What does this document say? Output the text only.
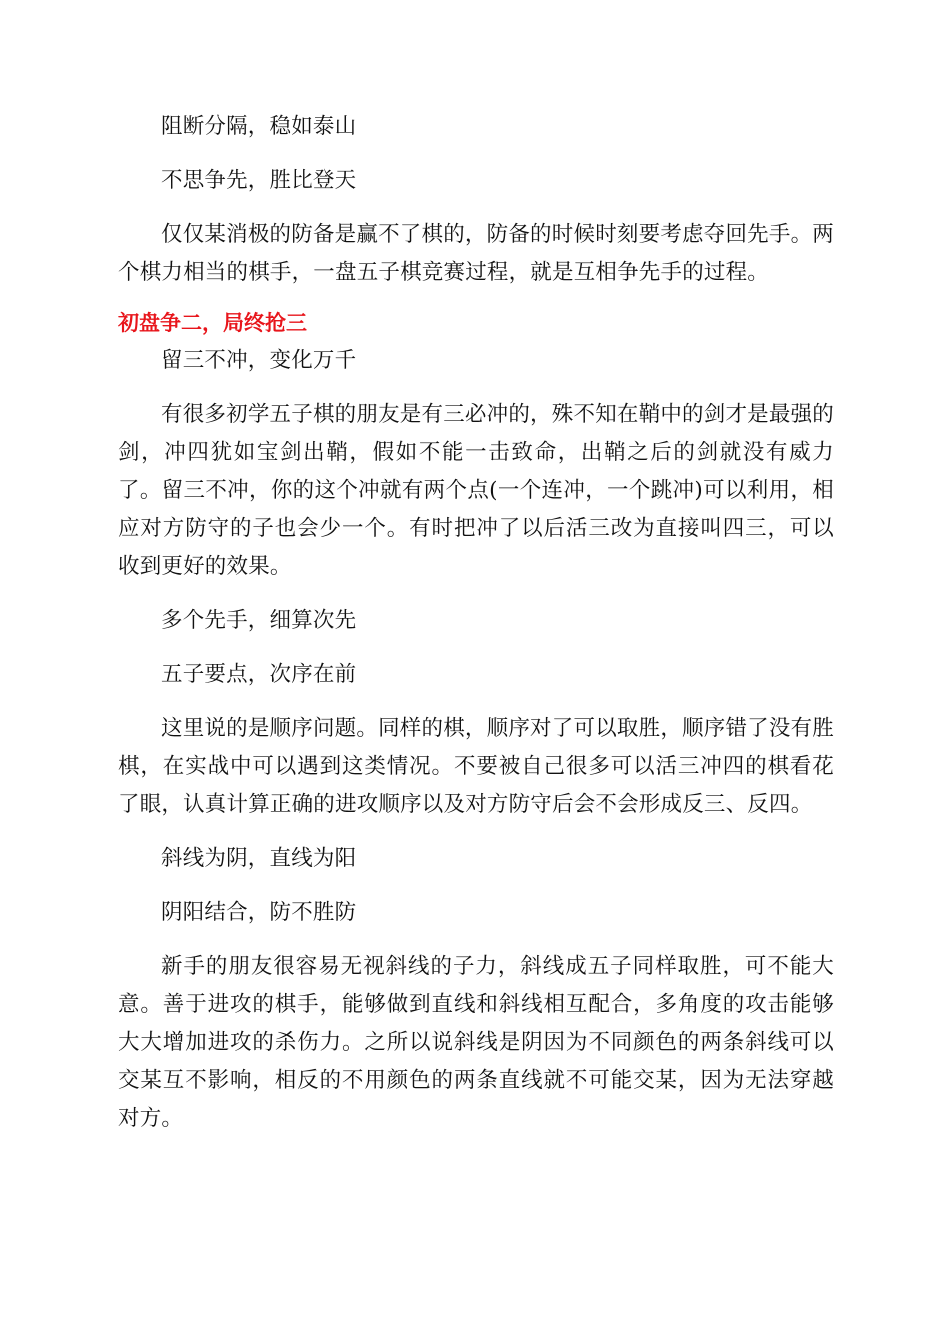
阻断分隔，稳如泰山

不思争先，胜比登天

仅仅某消极的防备是赢不了棋的，防备的时候时刻要考虑夺回先手。两个棋力相当的棋手，一盘五子棋竞赛过程，就是互相争先手的过程。

初盘争二，局终抢三

留三不冲，变化万千

有很多初学五子棋的朋友是有三必冲的，殊不知在鞘中的剑才是最强的剑，冲四犹如宝剑出鞘，假如不能一击致命，出鞘之后的剑就没有威力了。留三不冲，你的这个冲就有两个点(一个连冲，一个跳冲)可以利用，相应对方防守的子也会少一个。有时把冲了以后活三改为直接叫四三，可以收到更好的效果。

多个先手，细算次先

五子要点，次序在前

这里说的是顺序问题。同样的棋，顺序对了可以取胜，顺序错了没有胜棋，在实战中可以遇到这类情况。不要被自己很多可以活三冲四的棋看花了眼，认真计算正确的进攻顺序以及对方防守后会不会形成反三、反四。

斜线为阴，直线为阳

阴阳结合，防不胜防

新手的朋友很容易无视斜线的子力，斜线成五子同样取胜，可不能大意。善于进攻的棋手，能够做到直线和斜线相互配合，多角度的攻击能够大大增加进攻的杀伤力。之所以说斜线是阴因为不同颜色的两条斜线可以交某互不影响，相反的不用颜色的两条直线就不可能交某，因为无法穿越对方。
